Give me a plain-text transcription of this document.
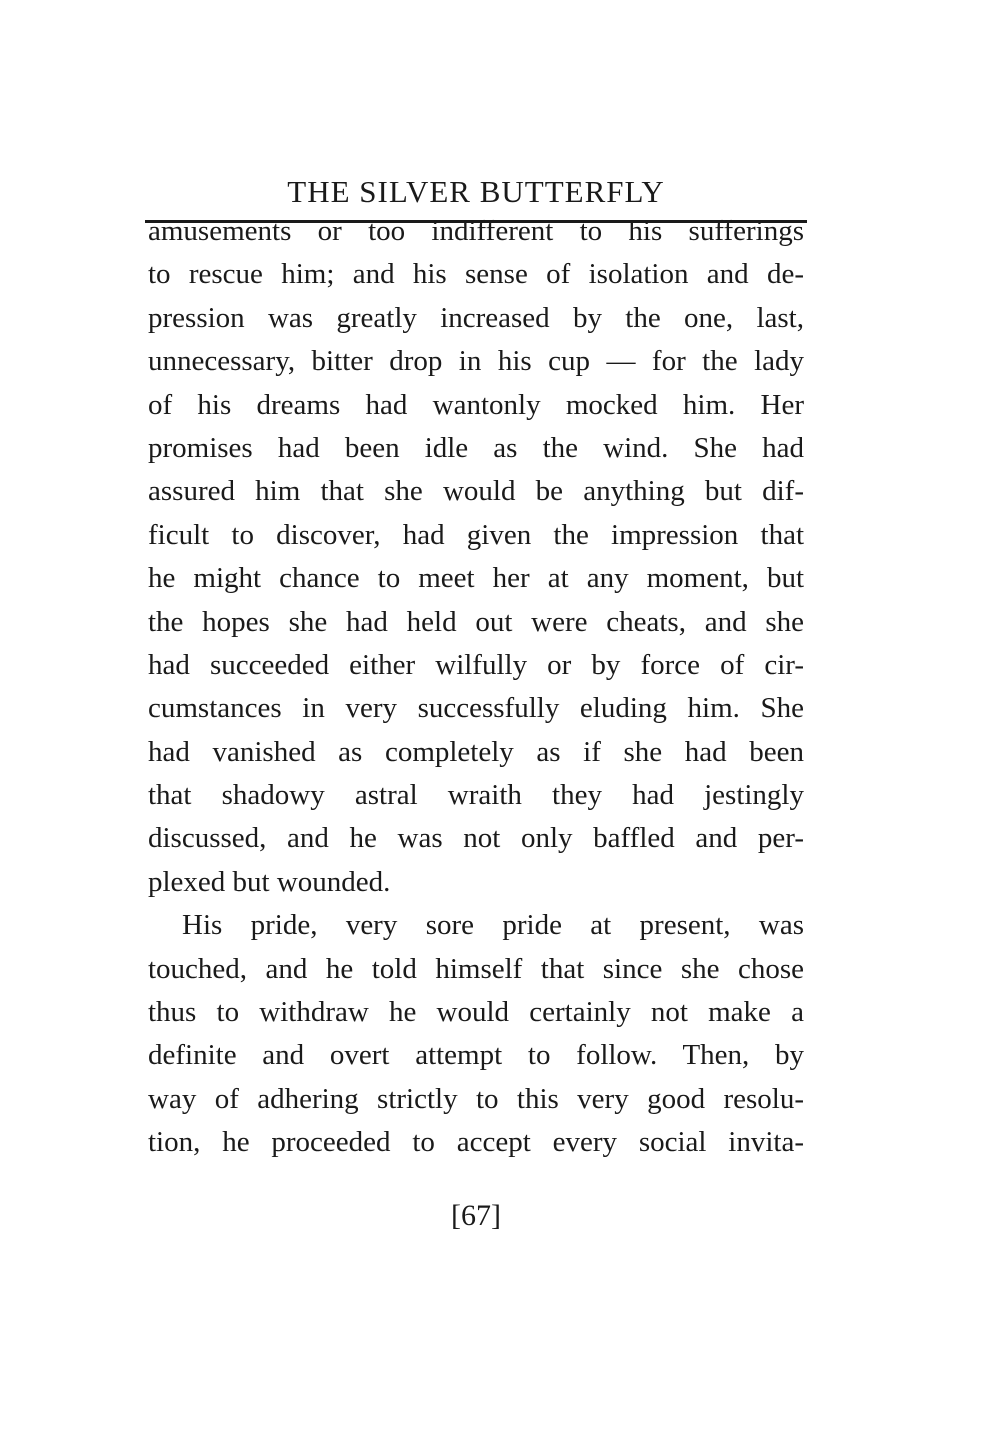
THE SILVER BUTTERFLY
amusements or too indifferent to his sufferings
to rescue him; and his sense of isolation and de-
pression was greatly increased by the one, last,
unnecessary, bitter drop in his cup — for the lady
of his dreams had wantonly mocked him. Her
promises had been idle as the wind. She had
assured him that she would be anything but dif-
ficult to discover, had given the impression that
he might chance to meet her at any moment, but
the hopes she had held out were cheats, and she
had succeeded either wilfully or by force of cir-
cumstances in very successfully eluding him. She
had vanished as completely as if she had been
that shadowy astral wraith they had jestingly
discussed, and he was not only baffled and per-
plexed but wounded.
His pride, very sore pride at present, was
touched, and he told himself that since she chose
thus to withdraw he would certainly not make a
definite and overt attempt to follow. Then, by
way of adhering strictly to this very good resolu-
tion, he proceeded to accept every social invita-
[67]
